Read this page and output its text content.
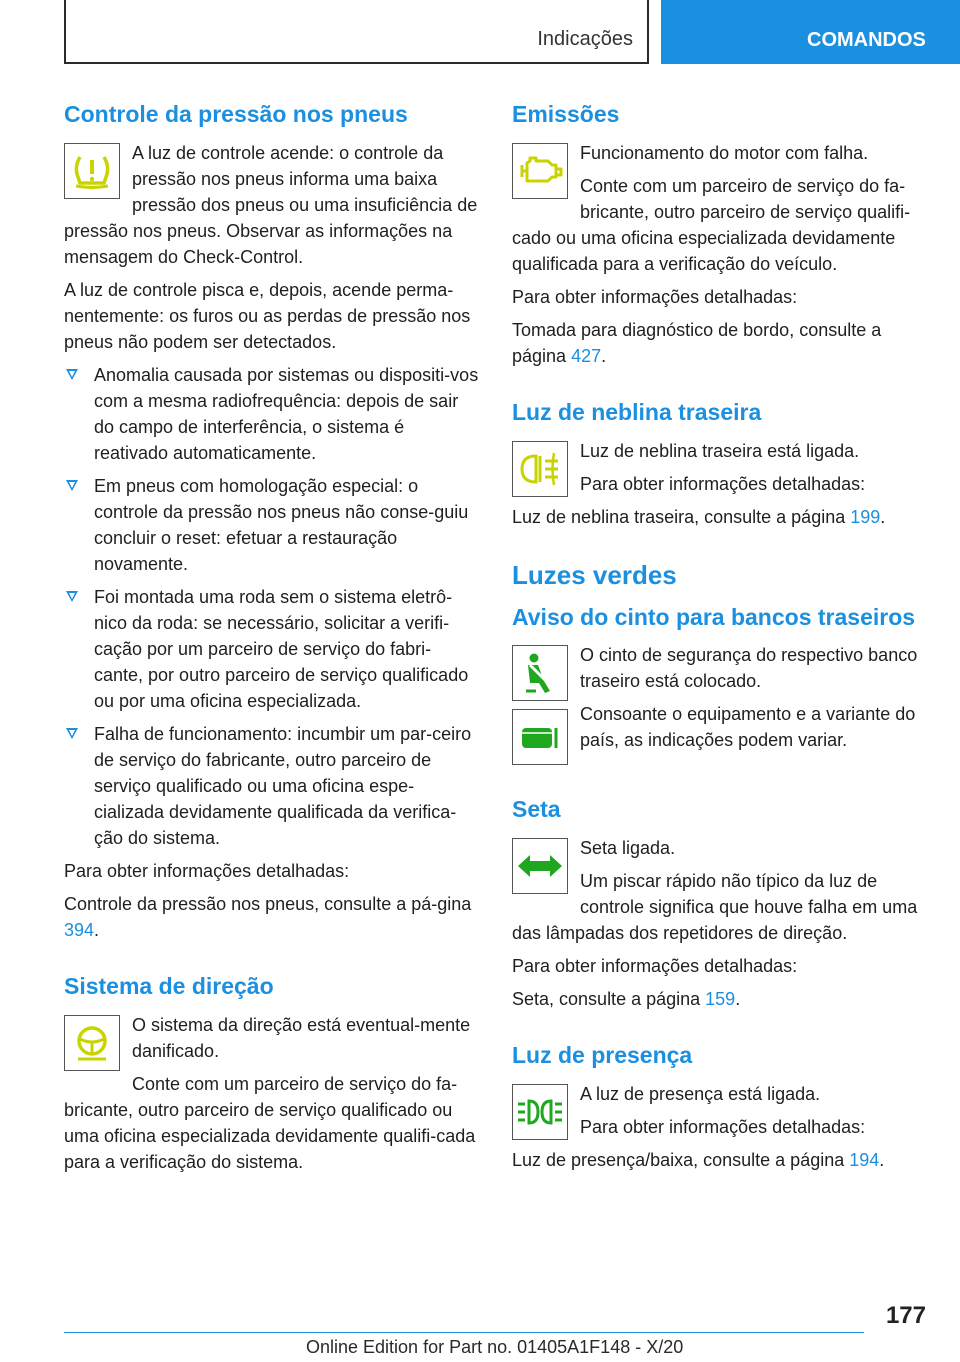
Indicações	COMANDOS
Controle da pressão nos pneus

A luz de controle acende: o controle da pressão nos pneus informa uma baixa pressão dos pneus ou uma insuficiência de pressão nos pneus. Observar as informações na mensagem do Check-Control.

A luz de controle pisca e, depois, acende perma-nentemente: os furos ou as perdas de pressão nos pneus não podem ser detectados.

Anomalia causada por sistemas ou dispositi-vos com a mesma radiofrequência: depois de sair do campo de interferência, o sistema é reativado automaticamente.
Em pneus com homologação especial: o controle da pressão nos pneus não conse-guiu concluir o reset: efetuar a restauração novamente.
Foi montada uma roda sem o sistema eletrô-nico da roda: se necessário, solicitar a verifi-cação por um parceiro de serviço do fabri-cante, por outro parceiro de serviço qualificado ou por uma oficina especializada.
Falha de funcionamento: incumbir um par-ceiro de serviço do fabricante, outro parceiro de serviço qualificado ou uma oficina espe-cializada devidamente qualificada da verifica-ção do sistema.

Para obter informações detalhadas:

Controle da pressão nos pneus, consulte a pá-gina 394.

Sistema de direção

O sistema da direção está eventual-mente danificado.

Conte com um parceiro de serviço do fa-bricante, outro parceiro de serviço qualificado ou uma oficina especializada devidamente qualifi-cada para a verificação do sistema.

Emissões

Funcionamento do motor com falha.

Conte com um parceiro de serviço do fa-bricante, outro parceiro de serviço qualifi-cado ou uma oficina especializada devidamente qualificada para a verificação do veículo.

Para obter informações detalhadas:

Tomada para diagnóstico de bordo, consulte a página 427.

Luz de neblina traseira

Luz de neblina traseira está ligada.

Para obter informações detalhadas:

Luz de neblina traseira, consulte a página 199.

Luzes verdes
Aviso do cinto para bancos traseiros

O cinto de segurança do respectivo banco traseiro está colocado.

Consoante o equipamento e a variante do país, as indicações podem variar.

Seta

Seta ligada.

Um piscar rápido não típico da luz de controle significa que houve falha em uma das lâmpadas dos repetidores de direção.

Para obter informações detalhadas:

Seta, consulte a página 159.

Luz de presença

A luz de presença está ligada.

Para obter informações detalhadas:

Luz de presença/baixa, consulte a página 194.

177
Online Edition for Part no. 01405A1F148 - X/20
